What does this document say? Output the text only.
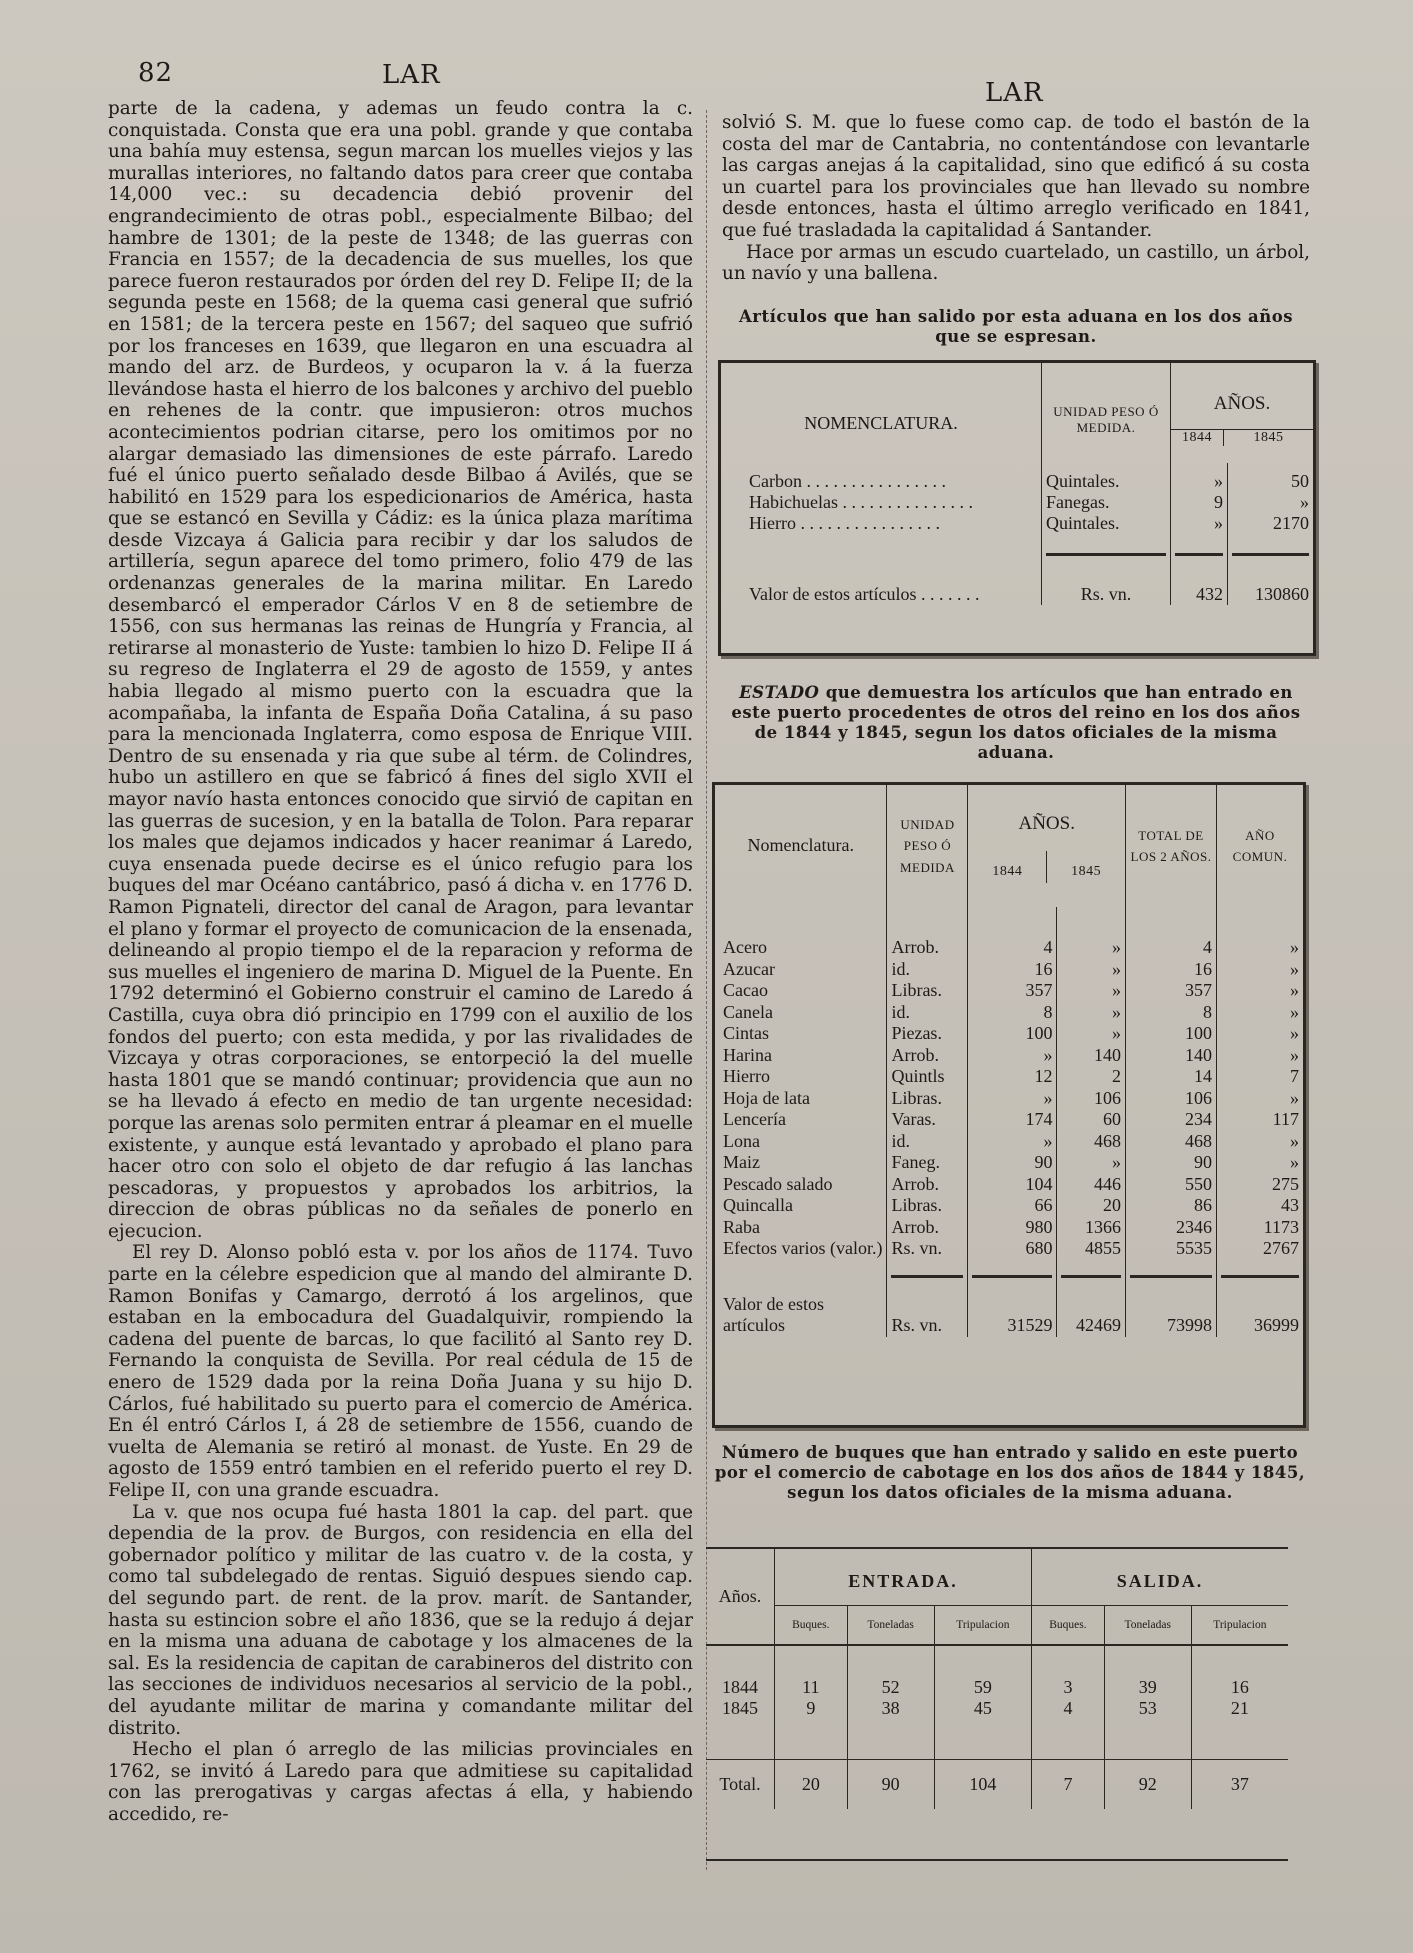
82	LAR
LAR

parte de la cadena, y ademas un feudo contra la c. conquistada. Consta que era una pobl. grande y que contaba una bahía muy estensa, segun marcan los muelles viejos y las murallas interiores, no faltando datos para creer que contaba 14,000 vec.: su decadencia debió provenir del engrandecimiento de otras pobl., especialmente Bilbao; del hambre de 1301; de la peste de 1348; de las guerras con Francia en 1557; de la decadencia de sus muelles, los que parece fueron restaurados por órden del rey D. Felipe II; de la segunda peste en 1568; de la quema casi general que sufrió en 1581; de la tercera peste en 1567; del saqueo que sufrió por los franceses en 1639, que llegaron en una escuadra al mando del arz. de Burdeos, y ocuparon la v. á la fuerza llevándose hasta el hierro de los balcones y archivo del pueblo en rehenes de la contr. que impusieron: otros muchos acontecimientos podrian citarse, pero los omitimos por no alargar demasiado las dimensiones de este párrafo. Laredo fué el único puerto señalado desde Bilbao á Avilés, que se habilitó en 1529 para los espedicionarios de América, hasta que se estancó en Sevilla y Cádiz: es la única plaza marítima desde Vizcaya á Galicia para recibir y dar los saludos de artillería, segun aparece del tomo primero, folio 479 de las ordenanzas generales de la marina militar. En Laredo desembarcó el emperador Cárlos V en 8 de setiembre de 1556, con sus hermanas las reinas de Hungría y Francia, al retirarse al monasterio de Yuste: tambien lo hizo D. Felipe II á su regreso de Inglaterra el 29 de agosto de 1559, y antes habia llegado al mismo puerto con la escuadra que la acompañaba, la infanta de España Doña Catalina, á su paso para la mencionada Inglaterra, como esposa de Enrique VIII. Dentro de su ensenada y ria que sube al térm. de Colindres, hubo un astillero en que se fabricó á fines del siglo XVII el mayor navío hasta entonces conocido que sirvió de capitan en las guerras de sucesion, y en la batalla de Tolon. Para reparar los males que dejamos indicados y hacer reanimar á Laredo, cuya ensenada puede decirse es el único refugio para los buques del mar Océano cantábrico, pasó á dicha v. en 1776 D. Ramon Pignateli, director del canal de Aragon, para levantar el plano y formar el proyecto de comunicacion de la ensenada, delineando al propio tiempo el de la reparacion y reforma de sus muelles el ingeniero de marina D. Miguel de la Puente. En 1792 determinó el Gobierno construir el camino de Laredo á Castilla, cuya obra dió principio en 1799 con el auxilio de los fondos del puerto; con esta medida, y por las rivalidades de Vizcaya y otras corporaciones, se entorpeció la del muelle hasta 1801 que se mandó continuar; providencia que aun no se ha llevado á efecto en medio de tan urgente necesidad: porque las arenas solo permiten entrar á pleamar en el muelle existente, y aunque está levantado y aprobado el plano para hacer otro con solo el objeto de dar refugio á las lanchas pescadoras, y propuestos y aprobados los arbitrios, la direccion de obras públicas no da señales de ponerlo en ejecucion.

El rey D. Alonso pobló esta v. por los años de 1174. Tuvo parte en la célebre espedicion que al mando del almirante D. Ramon Bonifas y Camargo, derrotó á los argelinos, que estaban en la embocadura del Guadalquivir, rompiendo la cadena del puente de barcas, lo que facilitó al Santo rey D. Fernando la conquista de Sevilla. Por real cédula de 15 de enero de 1529 dada por la reina Doña Juana y su hijo D. Cárlos, fué habilitado su puerto para el comercio de América. En él entró Cárlos I, á 28 de setiembre de 1556, cuando de vuelta de Alemania se retiró al monast. de Yuste. En 29 de agosto de 1559 entró tambien en el referido puerto el rey D. Felipe II, con una grande escuadra.

La v. que nos ocupa fué hasta 1801 la cap. del part. que dependia de la prov. de Burgos, con residencia en ella del gobernador político y militar de las cuatro v. de la costa, y como tal subdelegado de rentas. Siguió despues siendo cap. del segundo part. de rent. de la prov. marít. de Santander, hasta su estincion sobre el año 1836, que se la redujo á dejar en la misma una aduana de cabotage y los almacenes de la sal. Es la residencia de capitan de carabineros del distrito con las secciones de individuos necesarios al servicio de la pobl., del ayudante militar de marina y comandante militar del distrito.

Hecho el plan ó arreglo de las milicias provinciales en 1762, se invitó á Laredo para que admitiese su capitalidad con las prerogativas y cargas afectas á ella, y habiendo accedido, re-

solvió S. M. que lo fuese como cap. de todo el bastón de la costa del mar de Cantabria, no contentándose con levantarle las cargas anejas á la capitalidad, sino que edificó á su costa un cuartel para los provinciales que han llevado su nombre desde entonces, hasta el último arreglo verificado en 1841, que fué trasladada la capitalidad á Santander.

Hace por armas un escudo cuartelado, un castillo, un árbol, un navío y una ballena.

Artículos que han salido por esta aduana en los dos años que se espresan.
NOMENCLATURA.	UNIDAD PESO Ó MEDIDA.	AÑOS.
1844 1845	

Carbon . . . . . . . . . . . . . . . .	Quintales.	»	50
Habichuelas . . . . . . . . . . . . . . .	Fanegas.	9	»
Hierro . . . . . . . . . . . . . . . .	Quintales.	»	2170

Valor de estos artículos . . . . . . .	Rs. vn.	432	130860
ESTADO que demuestra los artículos que han entrado en este puerto procedentes de otros del reino en los dos años de 1844 y 1845, segun los datos oficiales de la misma aduana.
Nomenclatura.	UNIDAD PESO Ó MEDIDA	AÑOS.
1844 1845		TOTAL DE LOS 2 AÑOS.	AÑO COMUN.

Acero	Arrob.	4	»	4	»
Azucar	id.	16	»	16	»
Cacao	Libras.	357	»	357	»
Canela	id.	8	»	8	»
Cintas	Piezas.	100	»	100	»
Harina	Arrob.	»	140	140	»
Hierro	Quintls	12	2	14	7
Hoja de lata	Libras.	»	106	106	»
Lencería	Varas.	174	60	234	117
Lona	id.	»	468	468	»
Maiz	Faneg.	90	»	90	»
Pescado salado	Arrob.	104	446	550	275
Quincalla	Libras.	66	20	86	43
Raba	Arrob.	980	1366	2346	1173
Efectos varios (valor.)	Rs. vn.	680	4855	5535	2767

Valor de estos artículos	Rs. vn.	31529	42469	73998	36999
Número de buques que han entrado y salido en este puerto por el comercio de cabotage en los dos años de 1844 y 1845, segun los datos oficiales de la misma aduana.
Años.	ENTRADA.			SALIDA.		
	Buques.	Toneladas	Tripulacion	Buques.	Toneladas	Tripulacion

1844	11	52	59	3	39	16
1845	9	38	45	4	53	21

Total.	20	90	104	7	92	37
